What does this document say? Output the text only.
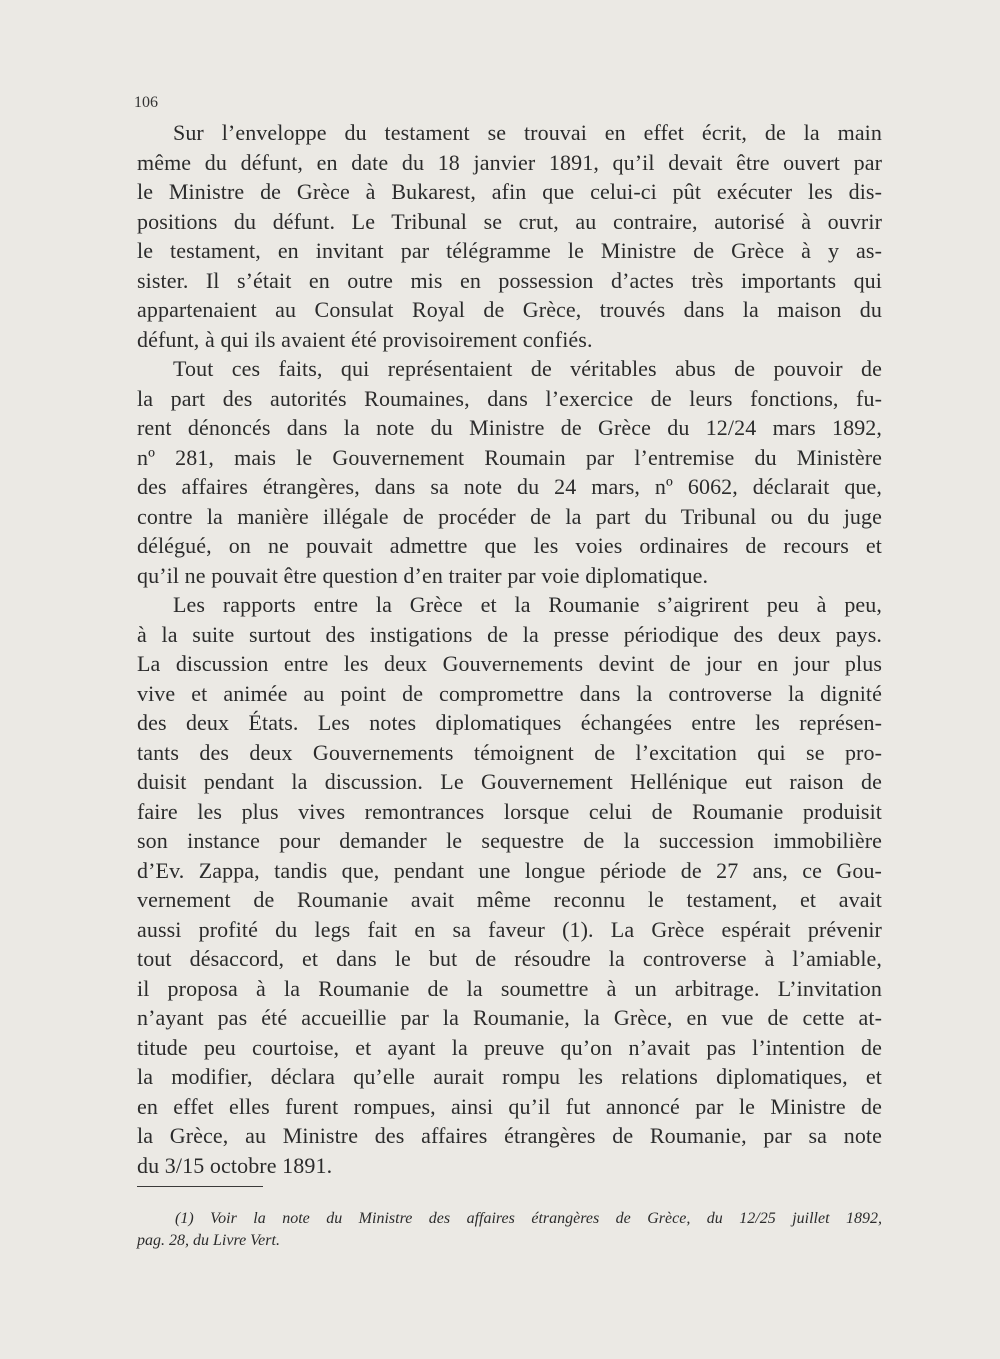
106
Sur l’enveloppe du testament se trouvai en effet écrit, de la main
même du défunt, en date du 18 janvier 1891, qu’il devait être ouvert par
le Ministre de Grèce à Bukarest, afin que celui-ci pût exécuter les dis-
positions du défunt. Le Tribunal se crut, au contraire, autorisé à ouvrir
le testament, en invitant par télégramme le Ministre de Grèce à y as-
sister. Il s’était en outre mis en possession d’actes très importants qui
appartenaient au Consulat Royal de Grèce, trouvés dans la maison du
défunt, à qui ils avaient été provisoirement confiés.
Tout ces faits, qui représentaient de véritables abus de pouvoir de
la part des autorités Roumaines, dans l’exercice de leurs fonctions, fu-
rent dénoncés dans la note du Ministre de Grèce du 12/24 mars 1892,
nº 281, mais le Gouvernement Roumain par l’entremise du Ministère
des affaires étrangères, dans sa note du 24 mars, nº 6062, déclarait que,
contre la manière illégale de procéder de la part du Tribunal ou du juge
délégué, on ne pouvait admettre que les voies ordinaires de recours et
qu’il ne pouvait être question d’en traiter par voie diplomatique.
Les rapports entre la Grèce et la Roumanie s’aigrirent peu à peu,
à la suite surtout des instigations de la presse périodique des deux pays.
La discussion entre les deux Gouvernements devint de jour en jour plus
vive et animée au point de compromettre dans la controverse la dignité
des deux États. Les notes diplomatiques échangées entre les représen-
tants des deux Gouvernements témoignent de l’excitation qui se pro-
duisit pendant la discussion. Le Gouvernement Hellénique eut raison de
faire les plus vives remontrances lorsque celui de Roumanie produisit
son instance pour demander le sequestre de la succession immobilière
d’Ev. Zappa, tandis que, pendant une longue période de 27 ans, ce Gou-
vernement de Roumanie avait même reconnu le testament, et avait
aussi profité du legs fait en sa faveur (1). La Grèce espérait prévenir
tout désaccord, et dans le but de résoudre la controverse à l’amiable,
il proposa à la Roumanie de la soumettre à un arbitrage. L’invitation
n’ayant pas été accueillie par la Roumanie, la Grèce, en vue de cette at-
titude peu courtoise, et ayant la preuve qu’on n’avait pas l’intention de
la modifier, déclara qu’elle aurait rompu les relations diplomatiques, et
en effet elles furent rompues, ainsi qu’il fut annoncé par le Ministre de
la Grèce, au Ministre des affaires étrangères de Roumanie, par sa note
du 3/15 octobre 1891.
(1) Voir la note du Ministre des affaires étrangères de Grèce, du 12/25 juillet 1892,
pag. 28, du Livre Vert.
